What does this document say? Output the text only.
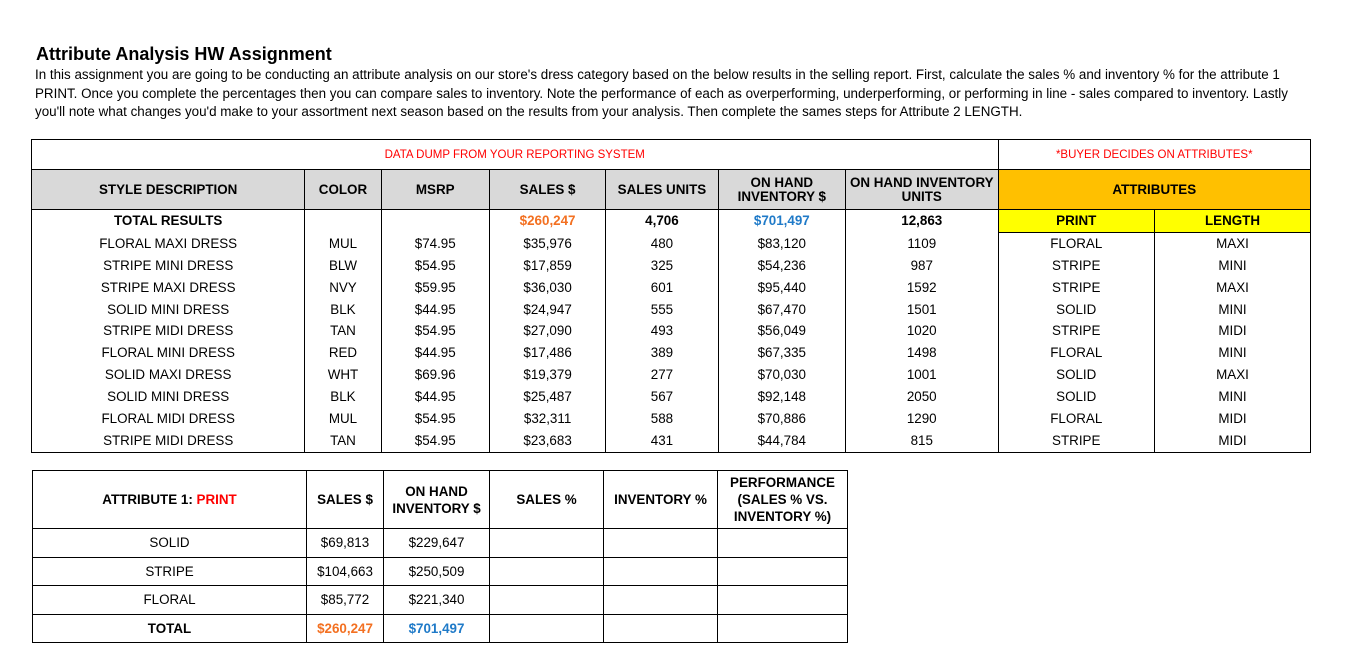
Attribute Analysis HW Assignment
In this assignment you are going to be conducting an attribute analysis on our store's dress category based on the below results in the selling report. First, calculate the sales % and inventory % for the attribute 1 PRINT. Once you complete the percentages then you can compare sales to inventory. Note the performance of each as overperforming, underperforming, or performing in line - sales compared to inventory. Lastly you'll note what changes you'd make to your assortment next season based on the results from your analysis. Then complete the sames steps for Attribute 2 LENGTH.
DATA DUMP FROM YOUR REPORTING SYSTEM							*BUYER DECIDES ON ATTRIBUTES*	
STYLE DESCRIPTION	COLOR	MSRP	SALES $	SALES UNITS	ON HAND INVENTORY $	ON HAND INVENTORY UNITS	ATTRIBUTES	
TOTAL RESULTS			$260,247	4,706	$701,497	12,863	PRINT	LENGTH
FLORAL MAXI DRESS	MUL	$74.95	$35,976	480	$83,120	1109	FLORAL	MAXI
STRIPE MINI DRESS	BLW	$54.95	$17,859	325	$54,236	987	STRIPE	MINI
STRIPE MAXI DRESS	NVY	$59.95	$36,030	601	$95,440	1592	STRIPE	MAXI
SOLID MINI DRESS	BLK	$44.95	$24,947	555	$67,470	1501	SOLID	MINI
STRIPE MIDI DRESS	TAN	$54.95	$27,090	493	$56,049	1020	STRIPE	MIDI
FLORAL MINI DRESS	RED	$44.95	$17,486	389	$67,335	1498	FLORAL	MINI
SOLID MAXI DRESS	WHT	$69.96	$19,379	277	$70,030	1001	SOLID	MAXI
SOLID MINI DRESS	BLK	$44.95	$25,487	567	$92,148	2050	SOLID	MINI
FLORAL MIDI DRESS	MUL	$54.95	$32,311	588	$70,886	1290	FLORAL	MIDI
STRIPE MIDI DRESS	TAN	$54.95	$23,683	431	$44,784	815	STRIPE	MIDI
ATTRIBUTE 1: PRINT	SALES $	ON HAND INVENTORY $	SALES %	INVENTORY %	PERFORMANCE (SALES % VS. INVENTORY %)
SOLID	$69,813	$229,647			
STRIPE	$104,663	$250,509			
FLORAL	$85,772	$221,340			
TOTAL	$260,247	$701,497			
